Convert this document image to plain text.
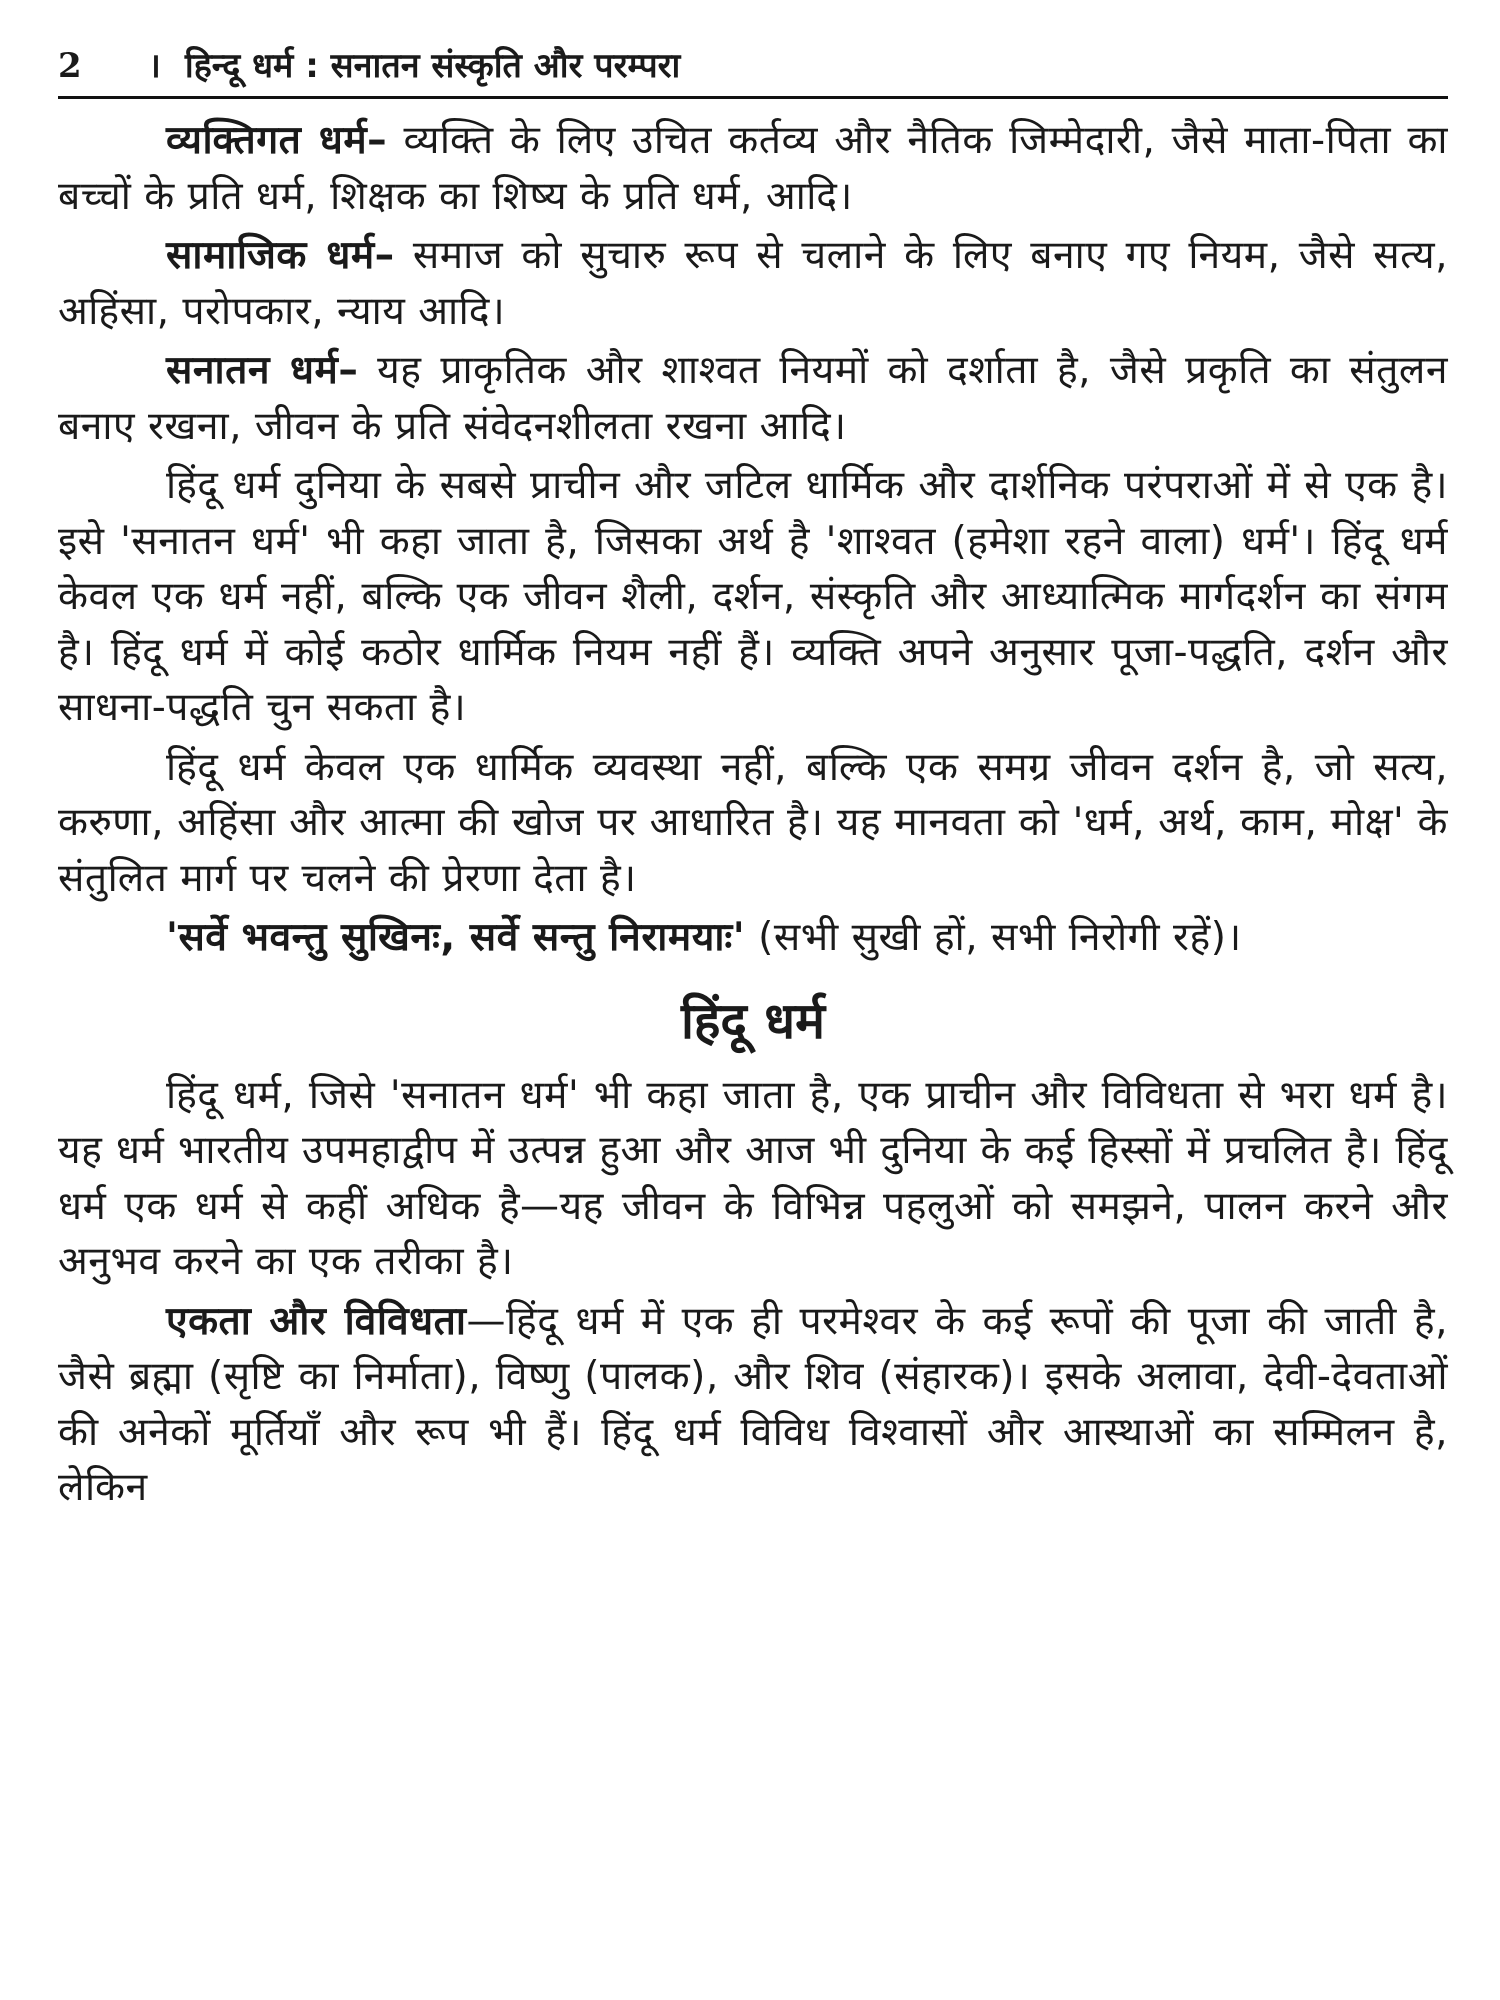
2	। हिन्दू धर्म : सनातन संस्कृति और परम्परा

व्यक्तिगत धर्म– व्यक्ति के लिए उचित कर्तव्य और नैतिक जिम्मेदारी, जैसे माता-पिता का बच्चों के प्रति धर्म, शिक्षक का शिष्य के प्रति धर्म, आदि।

सामाजिक धर्म– समाज को सुचारु रूप से चलाने के लिए बनाए गए नियम, जैसे सत्य, अहिंसा, परोपकार, न्याय आदि।

सनातन धर्म– यह प्राकृतिक और शाश्वत नियमों को दर्शाता है, जैसे प्रकृति का संतुलन बनाए रखना, जीवन के प्रति संवेदनशीलता रखना आदि।

हिंदू धर्म दुनिया के सबसे प्राचीन और जटिल धार्मिक और दार्शनिक परंपराओं में से एक है। इसे 'सनातन धर्म' भी कहा जाता है, जिसका अर्थ है 'शाश्वत (हमेशा रहने वाला) धर्म'। हिंदू धर्म केवल एक धर्म नहीं, बल्कि एक जीवन शैली, दर्शन, संस्कृति और आध्यात्मिक मार्गदर्शन का संगम है। हिंदू धर्म में कोई कठोर धार्मिक नियम नहीं हैं। व्यक्ति अपने अनुसार पूजा-पद्धति, दर्शन और साधना-पद्धति चुन सकता है।

हिंदू धर्म केवल एक धार्मिक व्यवस्था नहीं, बल्कि एक समग्र जीवन दर्शन है, जो सत्य, करुणा, अहिंसा और आत्मा की खोज पर आधारित है। यह मानवता को 'धर्म, अर्थ, काम, मोक्ष' के संतुलित मार्ग पर चलने की प्रेरणा देता है।

'सर्वे भवन्तु सुखिनः, सर्वे सन्तु निरामयाः' (सभी सुखी हों, सभी निरोगी रहें)।

हिंदू धर्म

हिंदू धर्म, जिसे 'सनातन धर्म' भी कहा जाता है, एक प्राचीन और विविधता से भरा धर्म है। यह धर्म भारतीय उपमहाद्वीप में उत्पन्न हुआ और आज भी दुनिया के कई हिस्सों में प्रचलित है। हिंदू धर्म एक धर्म से कहीं अधिक है—यह जीवन के विभिन्न पहलुओं को समझने, पालन करने और अनुभव करने का एक तरीका है।

एकता और विविधता—हिंदू धर्म में एक ही परमेश्वर के कई रूपों की पूजा की जाती है, जैसे ब्रह्मा (सृष्टि का निर्माता), विष्णु (पालक), और शिव (संहारक)। इसके अलावा, देवी-देवताओं की अनेकों मूर्तियाँ और रूप भी हैं। हिंदू धर्म विविध विश्वासों और आस्थाओं का सम्मिलन है, लेकिन
